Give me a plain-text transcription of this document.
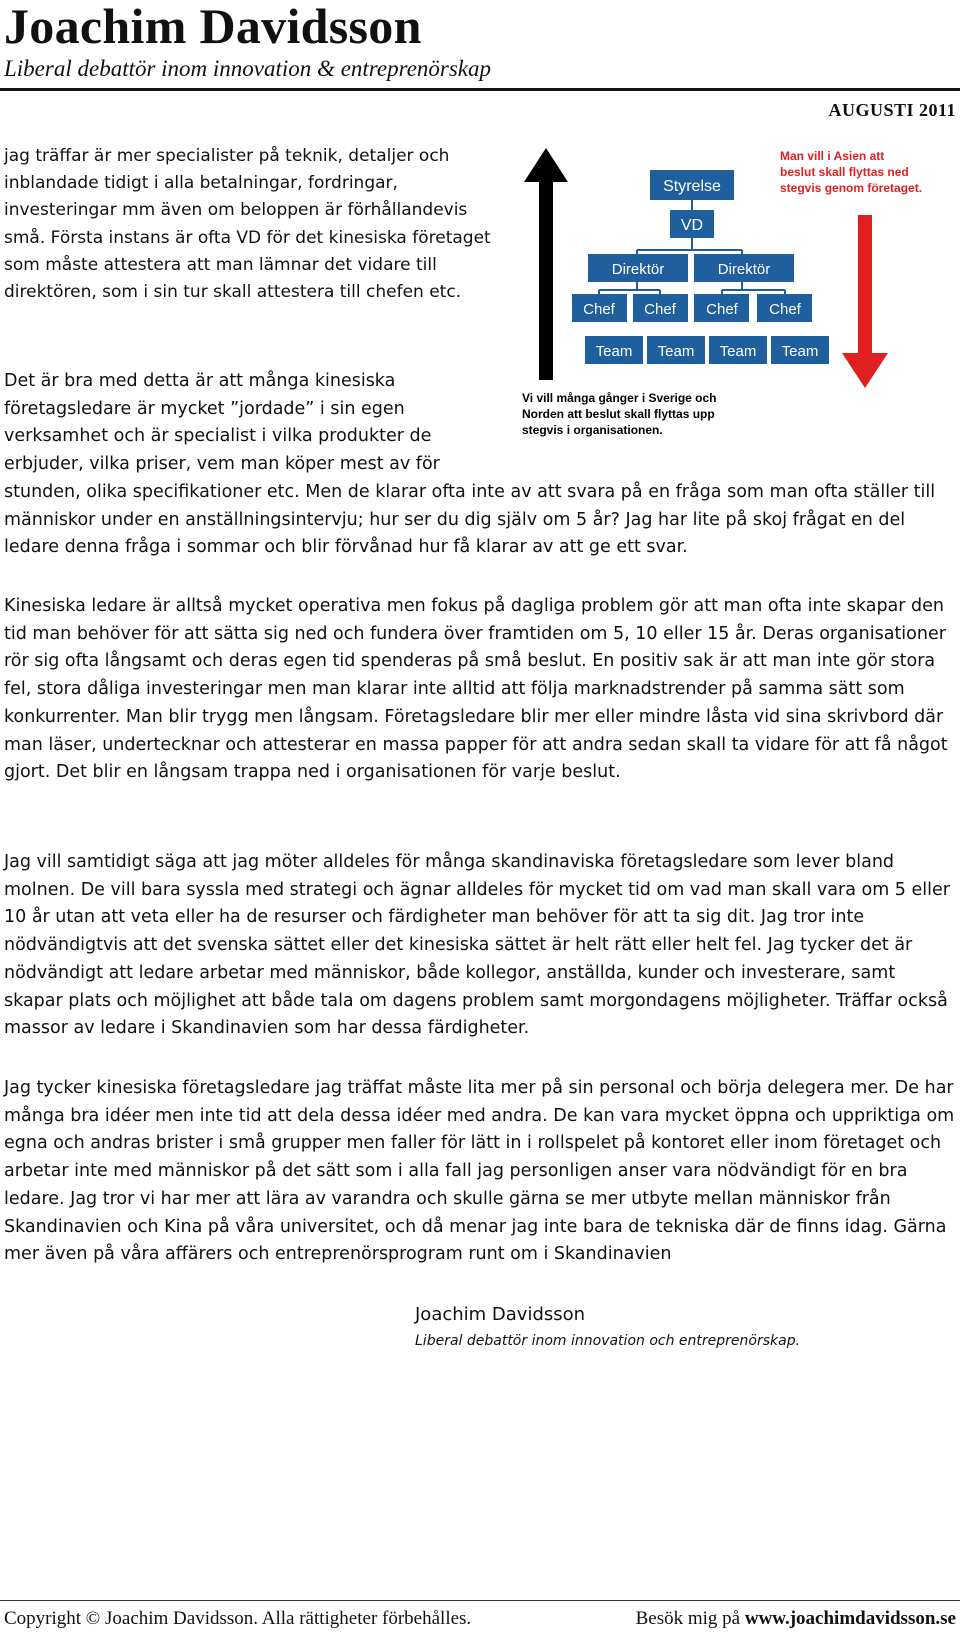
Joachim Davidsson
Liberal debattör inom innovation & entreprenörskap
AUGUSTI 2011

jag träffar är mer specialister på teknik, detaljer och inblandade tidigt i alla betalningar, fordringar, investeringar mm även om beloppen är förhållandevis små. Första instans är ofta VD för det kinesiska företaget som måste attestera att man lämnar det vidare till direktören, som i sin tur skall attestera till chefen etc.

Det är bra med detta är att många kinesiska företagsledare är mycket ”jordade” i sin egen verksamhet och är specialist i vilka produkter de erbjuder, vilka priser, vem man köper mest av för
stunden, olika specifikationer etc. Men de klarar ofta inte av att svara på en fråga som man ofta ställer till människor under en anställningsintervju; hur ser du dig själv om 5 år? Jag har lite på skoj frågat en del ledare denna fråga i sommar och blir förvånad hur få klarar av att ge ett svar.

Styrelse
VD
Direktör	Direktör
Chef Chef Chef Chef
Team Team Team Team
Man vill i Asien att
beslut skall flyttas ned
stegvis genom företaget.
Vi vill många gånger i Sverige och
Norden att beslut skall flyttas upp
stegvis i organisationen.

Kinesiska ledare är alltså mycket operativa men fokus på dagliga problem gör att man ofta inte skapar den tid man behöver för att sätta sig ned och fundera över framtiden om 5, 10 eller 15 år. Deras organisationer rör sig ofta långsamt och deras egen tid spenderas på små beslut. En positiv sak är att man inte gör stora fel, stora dåliga investeringar men man klarar inte alltid att följa marknadstrender på samma sätt som konkurrenter. Man blir trygg men långsam. Företagsledare blir mer eller mindre låsta vid sina skrivbord där man läser, undertecknar och attesterar en massa papper för att andra sedan skall ta vidare för att få något gjort. Det blir en långsam trappa ned i organisationen för varje beslut.

Jag vill samtidigt säga att jag möter alldeles för många skandinaviska företagsledare som lever bland molnen. De vill bara syssla med strategi och ägnar alldeles för mycket tid om vad man skall vara om 5 eller 10 år utan att veta eller ha de resurser och färdigheter man behöver för att ta sig dit. Jag tror inte nödvändigtvis att det svenska sättet eller det kinesiska sättet är helt rätt eller helt fel. Jag tycker det är nödvändigt att ledare arbetar med människor, både kollegor, anställda, kunder och investerare, samt skapar plats och möjlighet att både tala om dagens problem samt morgondagens möjligheter. Träffar också massor av ledare i Skandinavien som har dessa färdigheter.

Jag tycker kinesiska företagsledare jag träffat måste lita mer på sin personal och börja delegera mer. De har många bra idéer men inte tid att dela dessa idéer med andra. De kan vara mycket öppna och uppriktiga om egna och andras brister i små grupper men faller för lätt in i rollspelet på kontoret eller inom företaget och arbetar inte med människor på det sätt som i alla fall jag personligen anser vara nödvändigt för en bra ledare. Jag tror vi har mer att lära av varandra och skulle gärna se mer utbyte mellan människor från Skandinavien och Kina på våra universitet, och då menar jag inte bara de tekniska där de finns idag. Gärna mer även på våra affärers och entreprenörsprogram runt om i Skandinavien

Joachim Davidsson
Liberal debattör inom innovation och entreprenörskap.
Copyright © Joachim Davidsson. Alla rättigheter förbehålles.	Besök mig på www.joachimdavidsson.se
